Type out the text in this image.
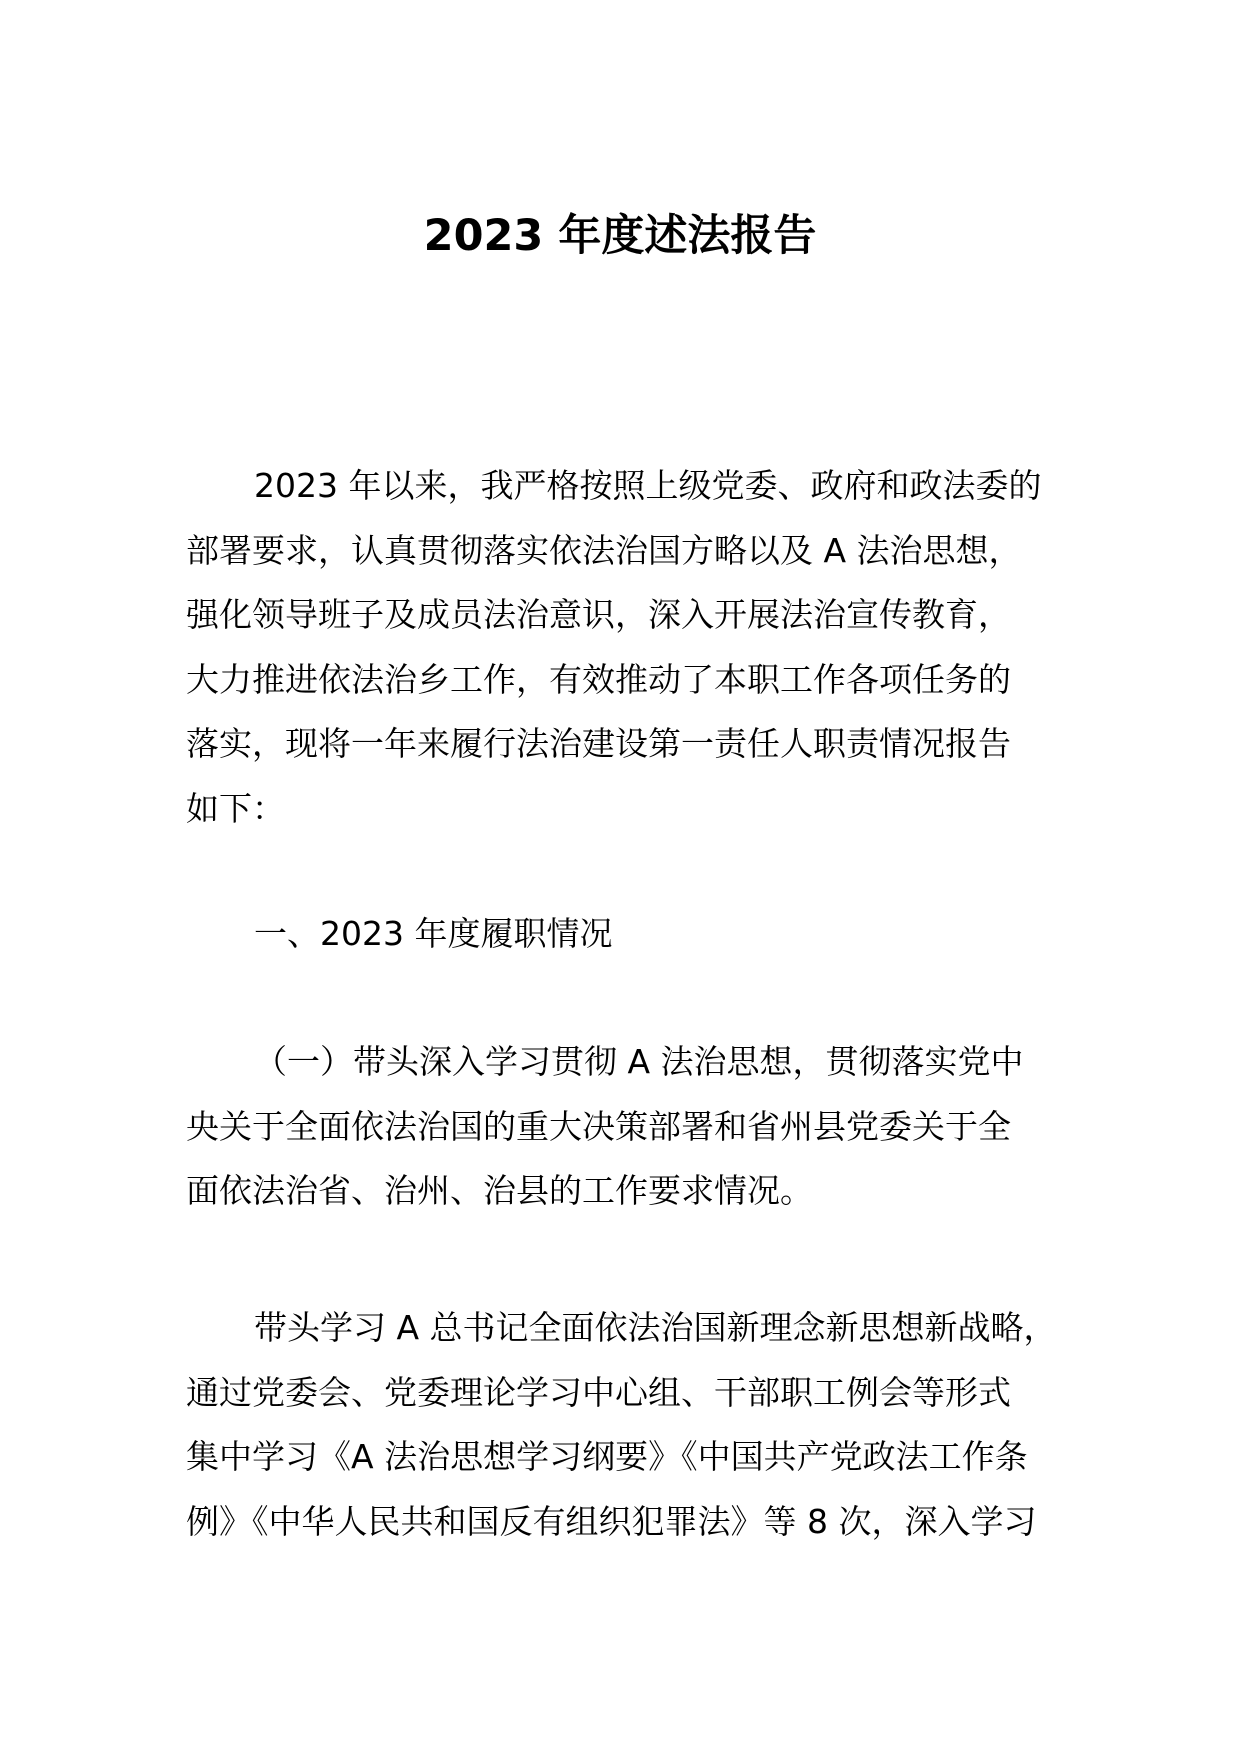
2023 年度述法报告
2023 年以来，我严格按照上级党委、政府和政法委的
部署要求，认真贯彻落实依法治国方略以及 A 法治思想，
强化领导班子及成员法治意识，深入开展法治宣传教育，
大力推进依法治乡工作，有效推动了本职工作各项任务的
落实，现将一年来履行法治建设第一责任人职责情况报告
如下：
一、2023 年度履职情况
（一）带头深入学习贯彻 A 法治思想，贯彻落实党中
央关于全面依法治国的重大决策部署和省州县党委关于全
面依法治省、治州、治县的工作要求情况。
带头学习 A 总书记全面依法治国新理念新思想新战略，
通过党委会、党委理论学习中心组、干部职工例会等形式
集中学习《A 法治思想学习纲要》《中国共产党政法工作条
例》《中华人民共和国反有组织犯罪法》等 8 次，深入学习
